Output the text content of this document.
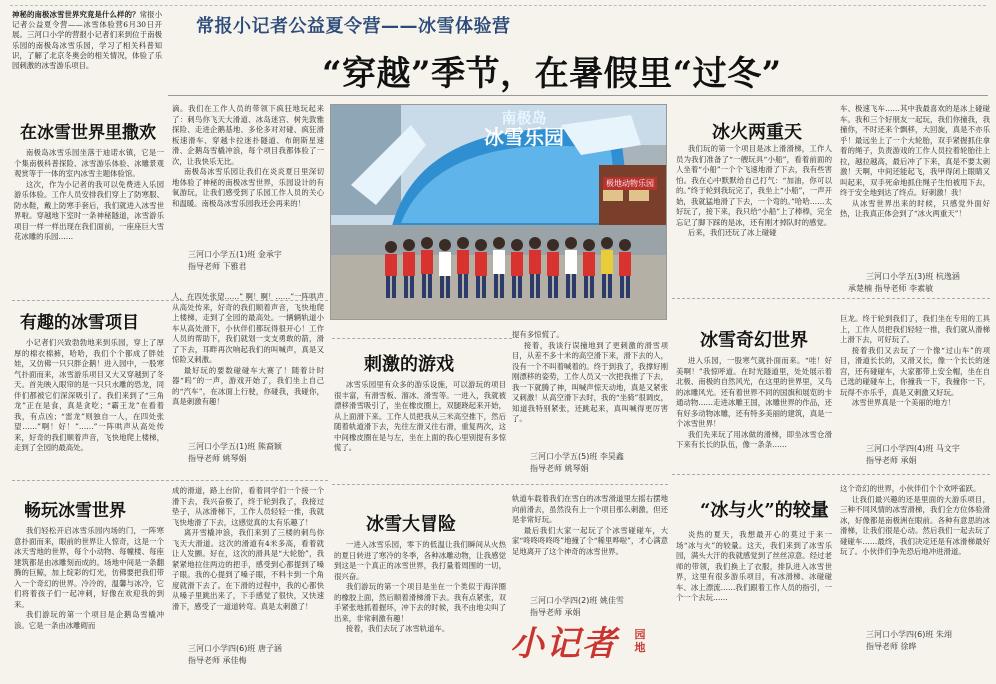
神秘的南极冰雪世界究竟是什么样的？常报小记者公益夏令营——冰雪体验营6月30日开展。三河口小学的营报小记者们来到位于南极乐园的南极岛冰雪乐园，学习了相关科普知识，了解了北京冬奥会的相关情况，体验了乐园刺激的冰雪游乐项目。
常报小记者公益夏令营——冰雪体验营
“穿越”季节，在暑假里“过冬”
在冰雪世界里撒欢

南极岛冰雪乐园坐落于迪诺水镇，它是一个集南极科普探险、冰雪游乐体验、冰雕景观观赏等于一体的室内冰雪主题体验馆。

这次，作为小记者的我可以免费进入乐园游乐体验。工作人员安排我们穿上了防寒服、防水鞋，戴上防寒手套后，我们就进入冰雪世界啦。穿越地下室时一条神秘隧道，冰雪游乐项目一样一样出现在我们面前，一座座巨大雪花冰雕的乐园……

滴。我们在工作人员的带领下疯狂地玩起来了：刺鸟你飞天大滑道、冰岛迷宫、树先敦雅探险、走进企鹅基地、多伦多对对碰、疯狂滑板速滑车、穿越卡拉迷扑隧道、布朗斯星速滑、企鹅岛雪橇冲浪，每个项目我都体验了一次，让我快乐无比。

南极岛冰雪乐园让我们在炎炎夏日里深切地体验了神秘的南极冰雪世界，乐园设计的有氧游玩，让我们感受到了乐园工作人员的关心和温暖。南极岛冰雪乐园我还会再来的！

三河口小学五(1)班 金承宇
指导老师 下雅君
有趣的冰雪项目

小记者们兴致勃勃地来到乐园，穿上了厚厚的棉衣棉裤，哈哈，我们个个都成了胖娃娃，又仿佛一只只胖企鹅！进入园中，一股寒气扑面而来，冰雪游乐项目又大又穿越到了冬天。首先映入眼帘的是一只只水雕的恐龙，同伴们都被它们深深吸引了。我们来到了“三角龙”正在是食，真是贪吃；“霸王龙”在看着我，有点凶；“雷龙”则独自一人，在四处张望……”啊！好！”……”一阵哄声从高处传来，好奇的我们顺着声音，飞快地爬上楼梯，走到了全园的最高处。

人，在四处张望……” 啊！啊！……”一阵哄声从高处传来，好奇的我们顺着声音，飞快地爬上楼梯，走到了全园的最高处。一辆辆轨道小车从高处滑下，小伙伴们都玩得很开心！工作人员的帮助下，我们就划一支支勇敢的箭，滑了下去，耳畔再次响起我们的叫喊声，真是又惊险又刺激。

最好玩的要数碰碰车大赛了！随着计时器“呜”的一声，游戏开始了，我们坐上自己的“汽车”，在冰面上行驶，你碰我，我碰你，真是刺激有趣！

三河口小学五(1)班 熊裔颖
指导老师 姚琴娟
畅玩冰雪世界

我们轻松开启冰雪乐园内场的门，一阵寒意扑面而来，眼前的世界让人惊奇，这是一个冰天雪地的世界，每个小动物、每幢楼、每座建筑都是由冰雕刻而成的。场地中间是一条翻腾的巨鲸，加上绽彩的灯光，仿佛要把我们带入一个奇幻的世界。冷冷的，温馨与冰冷，它们将着孩子们一起冲刺，好像在欢迎我的到来。

我们游玩的第一个项目是企鹅岛雪橇冲浪。它是一条由冰雕砌而

成的滑道，路上台阶，看着同学们一个接一个滑下去，我兴奋极了，终于轮到我了，我接过垫子，从冰滑梯下，工作人员轻轻一推，我就飞快地滑了下去，这感觉真的太有乐趣了！

离开雪橇冲浪，我们来到了三楼的刺鸟你飞天大滑道。这次的滑道有4米多高，看着就让人发颤。好在，这次的滑具是“大轮胎”，我紧紧地拉住两边的把手，感受到心都提到了嗓子眼。我的心提到了嗓子眼，不料卡到一个角度就滑下去了。在下滑的过程中，我的心都快从嗓子里跳出来了，下手感觉了很快，又快速滑下，感受了一道道转弯。真是太刺激了！

三河口小学四(6)班 唐子涵
指导老师 承佳梅
南极岛
冰雪乐园
极地动物乐园
刺激的游戏

冰雪乐园里有众多的游乐设施，可以游玩的项目很丰富，有滑雪板、溜冰、滑雪等。一进入，我就被漂移滑雪吸引了，坐在橡皮圈上，双腿跷起来开始，从上面滑下来。工作人员把我从三米高空推下，然后随着轨道滑下去，先往左滑又往右滑，重复两次，这中间橡皮圈在是与左，坐在上面的我心里别提有多惊慌了。

提有多惊慌了。

接着，我谈行误撞地到了更刺激的滑雪项目，从差不多十米的高空滑下来，滑下去的人，没有一个不叫着喊着的。终于到我了，我撑好刚刚漂移的姿势，工作人员又一次把我推了下去，我一下就腾了神，叫喊声惊天动地，真是又紧张又刺激！从高空滑下去时，我的“坐骑”很调皮，知道我特别紧张，还跳起来，真叫喊得更厉害了。

三河口小学五(5)班 李昊鑫
指导老师 姚琴娟
冰雪大冒险

一进入冰雪乐园，零下的低温让我们瞬间从火热的夏日转进了寒冷的冬季，各种冰雕动物，让我感觉到这是一个真正的冰雪世界，我打量着周围的一切，很兴奋。

我们游玩的第一个项目是坐在一个类似于海洋圈的橡胶上面，然后顺着滑梯滑下去。我有点紧张，双手紧张地抓着握环，冲下去的时候，我不由地尖叫了出来，非常刺激有趣！

接着，我们去玩了冰雪轨道车。

轨道车载着我们在雪白的冰雪滑道里左摇右摆地向前滑去，虽然没有上一个项目那么刺激，但还是非常好玩。

最后我们大家一起玩了个冰雪碰碰车，大家“咚咚咚咚咚”地撞了个“稀里哗啦”，才心满意足地离开了这个神奇的冰雪世界。

三河口小学四(2)班 姚佳雪
指导老师 承娟
冰火两重天

我们玩的第一个项目是冰上滑滑梯，工作人员为我们准备了“一艘玩具“小船”，看着前面的人坐着“小船”一个个飞速地滑了下去，我有些害怕。我在心中默默给自己打气：“加油，你可以的。”终于轮到我玩完了，我坐上“小船”，一声开始，我就猛地滑了下去，一个弯的。”哈哈……太好玩了，接下来，我只给“小船”上了棒棒，完全忘记了脚下踩的是冰，还有刚才掉队时的感觉。

后来，我们还玩了冰上碰碰

车、极速飞车……其中我最喜欢的是冰上碰碰车。我和三个好朋友一起玩，我们你撞我，我撞你，不时还来个飘移，大回旋，真是不亦乐乎！最远坐上了一个大轮胎，双手紧握抓住拿着的绳子，负责游戏的工作人员拉着轮胎往上拉，越拉越高，最后冲了下来，真是不要太刺激！天啊，中间还能起飞，我甲得闭上眼睛又叫起来，双手死命地抓住绳子生怕被甩下去，终于安全地到达了终点。好刺激！我！

从冰雪世界出来的时候，只感觉外面好热，让我真正体会到了“冰火两重天”！

三河口小学五(3)班 杭逸涵
承楚楠 指导老师 李素敏
冰雪奇幻世界

进入乐园，一股寒气就扑面而来。“哇！好美啊！”我惊呼道。在时光隧道里，处处展示着北极、南极的自然风光，在这里的世界里，又鸟的冰雕风光。还有着世界不同的国旗和展览的卡通动物……走进冰雕王国，冰雕世界的作品，还有好多动物冰雕，还有特多美丽的建筑，真是一个冰雪世界！

我们先来玩了用冰做的滑梯，即坐冰雪仓滑下来有长长的队伍，像一条条……

巨龙。终于轮到我们了，我们坐在专用的工具上，工作人员把我们轻轻一推，我们就从滑梯上滑下去，可好玩了。

接着我们又去玩了一个像“过山车”的项目，滑道长长的，又滑又长，像一个长长的迷宫，还有碰碰车，大家都带上安全帽，坐在自己选的碰碰车上，你撞我一下，我撞你一下，玩得不亦乐乎，真是又刺激又好玩。

冰雪世界真是一个美丽的地方！

三河口小学四(4)班 马文宇
指导老师 承娟
“冰与火”的较量

炎热的夏天，我想最开心的莫过于来一场“冰与火”的较量。这天，我们来到了冰雪乐园，满头大汗的我就感觉到了丝丝凉意。经过老师的带领，我们换上了衣服，排队进入冰雪世界，这里有很多游乐项目，有冰滑梯、冰碰碰车、冰上漂流……我们跟着工作人员的指引，一个一个去玩……

这个奇幻的世界，小伙伴们个个欢呼雀跃。

让我们最兴趣的还是里面的大游乐项目，三种不同风情的冰雪滑梯，我们全方位体验滑冰，好像都是南极洲在眼前。各种有意思的冰滑梯，让我们很是心动。然后我们一起去玩了碰碰车……最终，我们决定还是有冰滑梯最好玩了。小伙伴们争先恐后地冲进滑道。

三河口小学四(6)班 朱翊
指导老师 徐晔
小记者 园地
